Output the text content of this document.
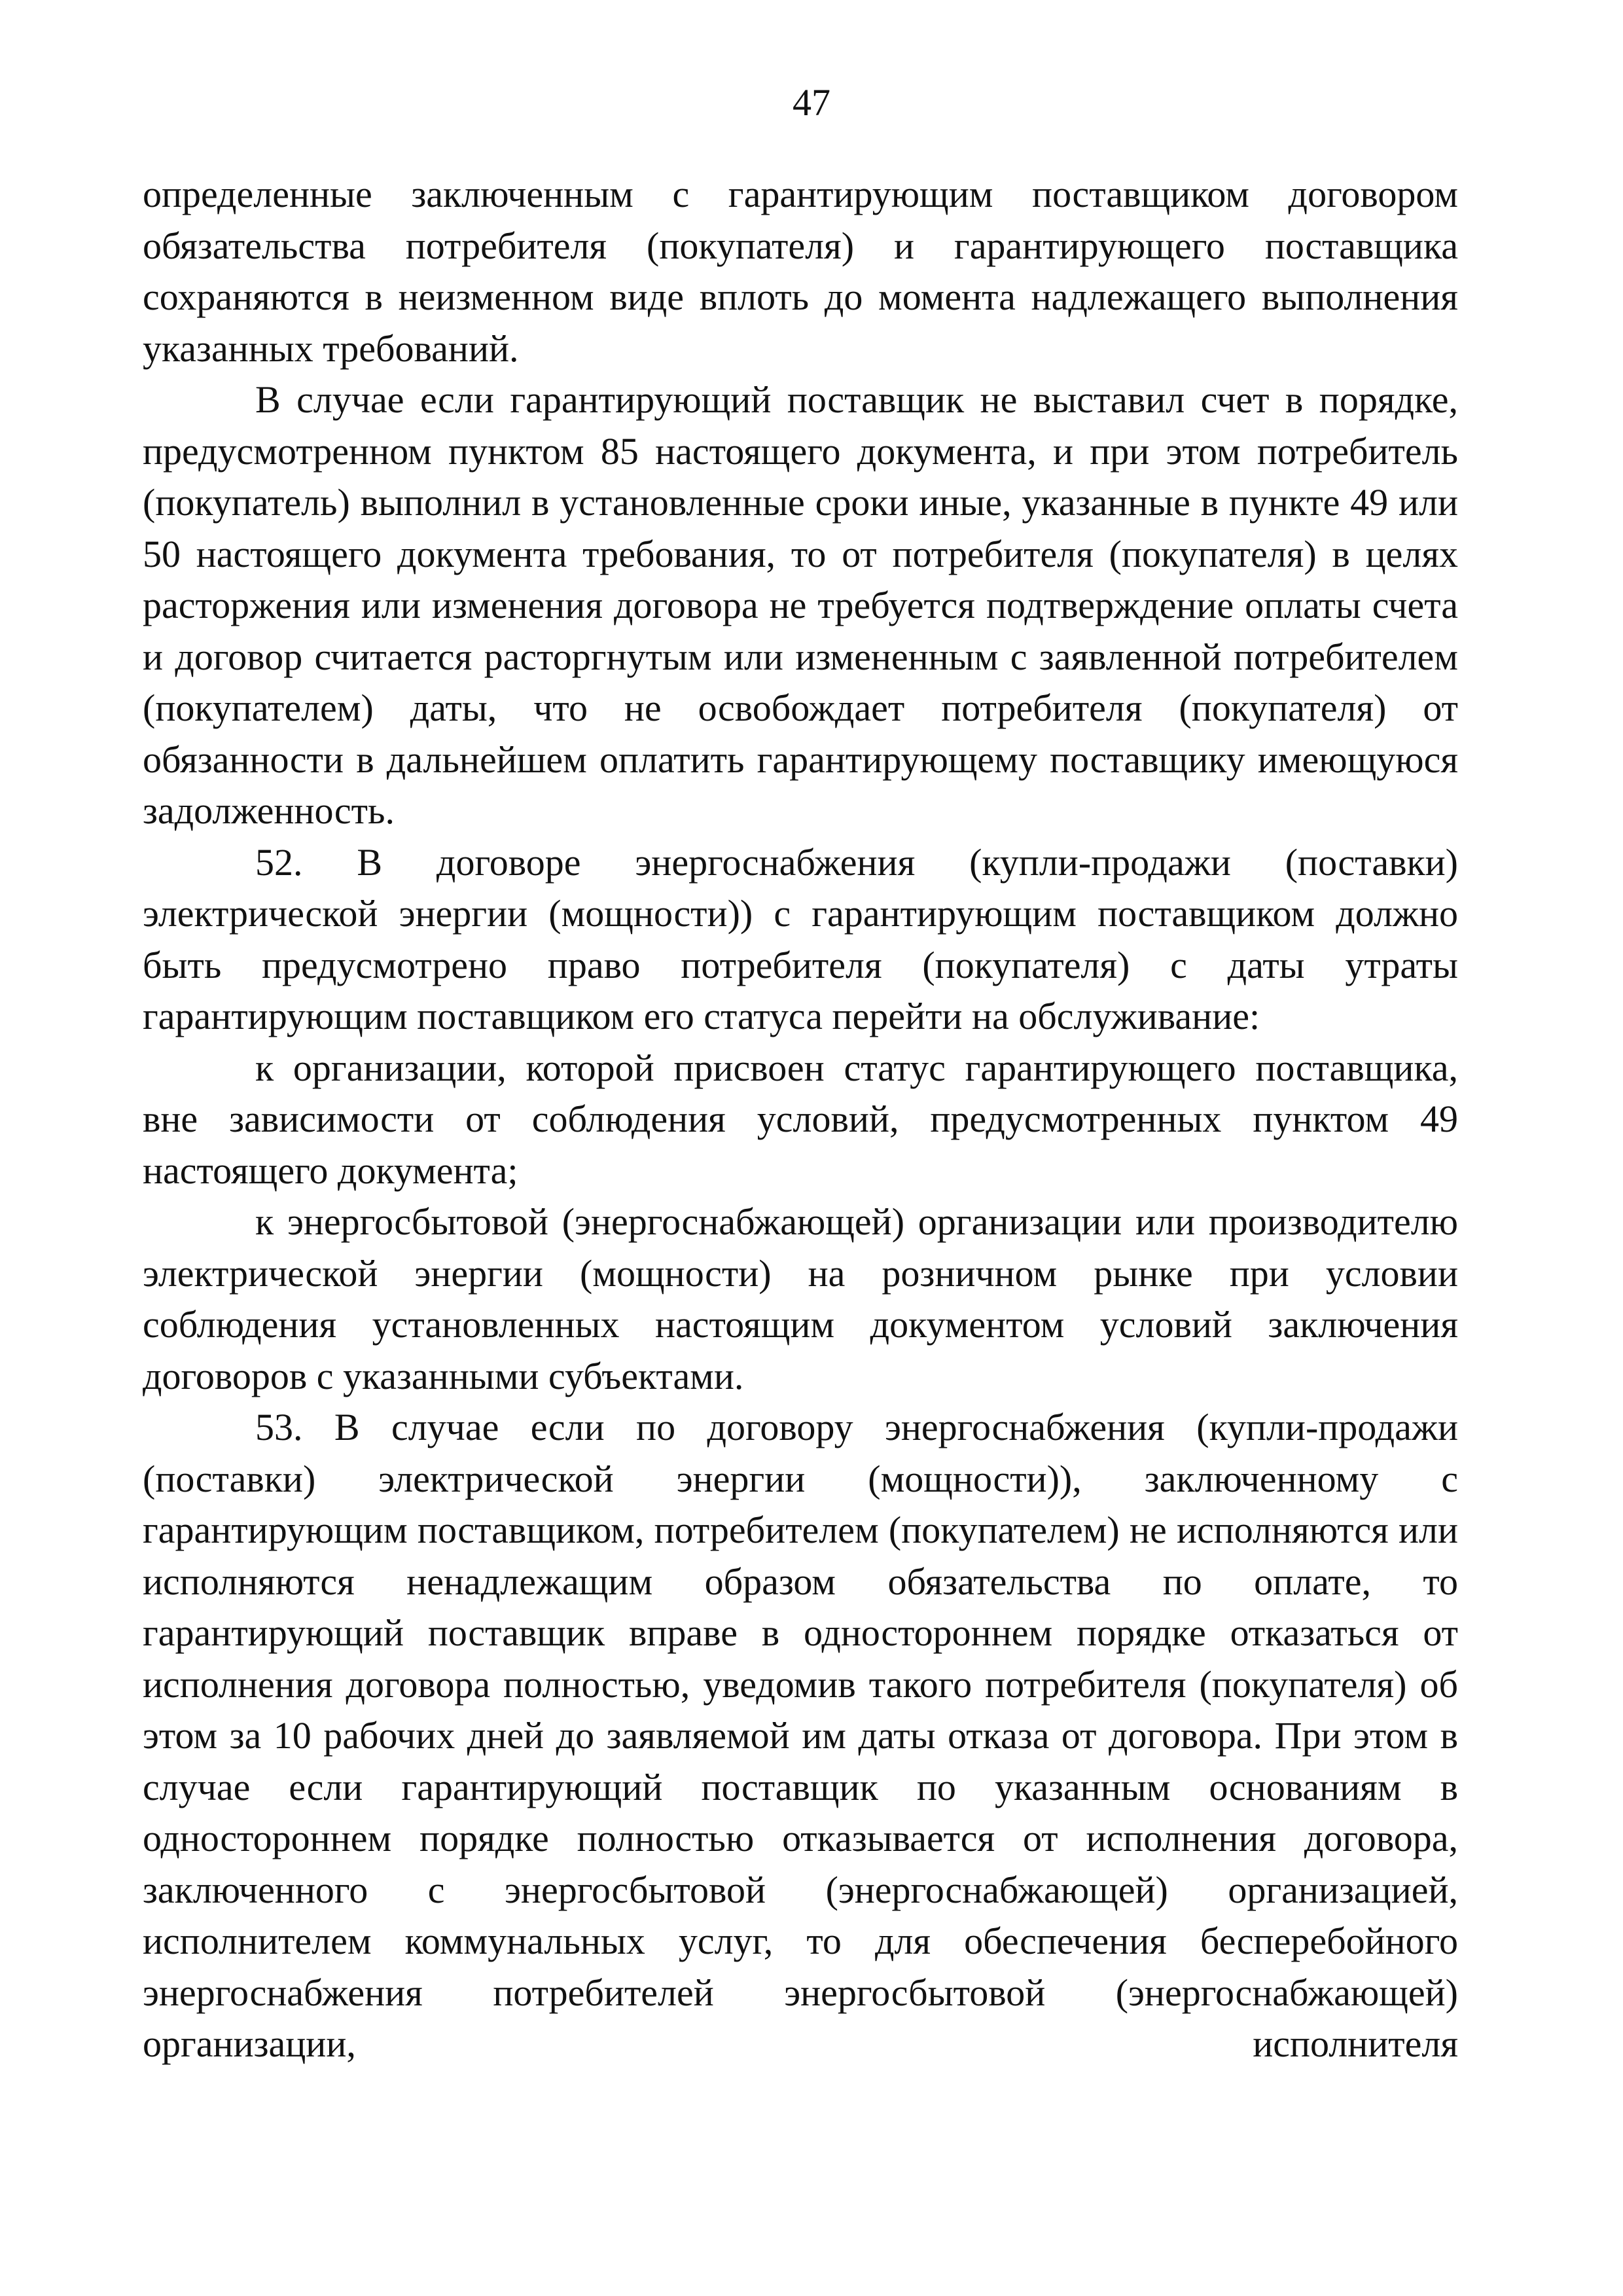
47

определенные заключенным с гарантирующим поставщиком договором обязательства потребителя (покупателя) и гарантирующего поставщика сохраняются в неизменном виде вплоть до момента надлежащего выполнения указанных требований.

В случае если гарантирующий поставщик не выставил счет в порядке, предусмотренном пунктом 85 настоящего документа, и при этом потребитель (покупатель) выполнил в установленные сроки иные, указанные в пункте 49 или 50 настоящего документа требования, то от потребителя (покупателя) в целях расторжения или изменения договора не требуется подтверждение оплаты счета и договор считается расторгнутым или измененным с заявленной потребителем (покупателем) даты, что не освобождает потребителя (покупателя) от обязанности в дальнейшем оплатить гарантирующему поставщику имеющуюся задолженность.

52. В договоре энергоснабжения (купли-продажи (поставки) электрической энергии (мощности)) с гарантирующим поставщиком должно быть предусмотрено право потребителя (покупателя) с даты утраты гарантирующим поставщиком его статуса перейти на обслуживание:

к организации, которой присвоен статус гарантирующего поставщика, вне зависимости от соблюдения условий, предусмотренных пунктом 49 настоящего документа;

к энергосбытовой (энергоснабжающей) организации или производителю электрической энергии (мощности) на розничном рынке при условии соблюдения установленных настоящим документом условий заключения договоров с указанными субъектами.

53. В случае если по договору энергоснабжения (купли-продажи (поставки) электрической энергии (мощности)), заключенному с гарантирующим поставщиком, потребителем (покупателем) не исполняются или исполняются ненадлежащим образом обязательства по оплате, то гарантирующий поставщик вправе в одностороннем порядке отказаться от исполнения договора полностью, уведомив такого потребителя (покупателя) об этом за 10 рабочих дней до заявляемой им даты отказа от договора. При этом в случае если гарантирующий поставщик по указанным основаниям в одностороннем порядке полностью отказывается от исполнения договора, заключенного с энергосбытовой (энергоснабжающей) организацией, исполнителем коммунальных услуг, то для обеспечения бесперебойного энергоснабжения потребителей энергосбытовой (энергоснабжающей) организации, исполнителя
